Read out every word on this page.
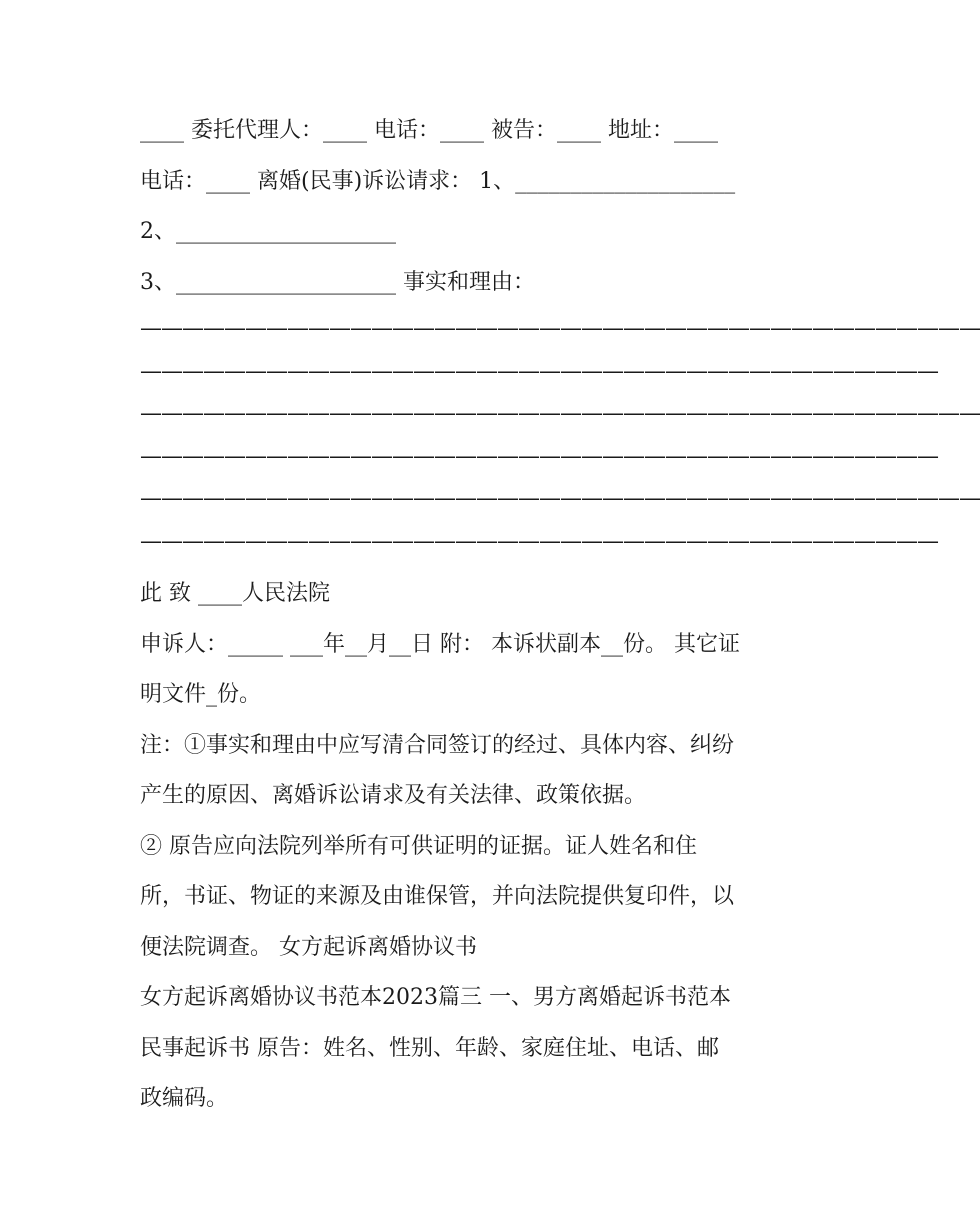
____ 委托代理人：____ 电话：____ 被告：____ 地址：____
电话：____ 离婚(民事)诉讼请求： 1、____________________
2、____________________
3、____________________ 事实和理由：
————————————————————————————————————————
——————————————————————————————————————
————————————————————————————————————————
——————————————————————————————————————
————————————————————————————————————————
——————————————————————————————————————
此 致 ____人民法院
申诉人：_____ ___年__月__日 附： 本诉状副本__份。 其它证
明文件_份。
注：①事实和理由中应写清合同签订的经过、具体内容、纠纷
产生的原因、离婚诉讼请求及有关法律、政策依据。
② 原告应向法院列举所有可供证明的证据。证人姓名和住
所，书证、物证的来源及由谁保管，并向法院提供复印件，以
便法院调查。 女方起诉离婚协议书
女方起诉离婚协议书范本2023篇三 一、男方离婚起诉书范本
民事起诉书 原告：姓名、性别、年龄、家庭住址、电话、邮
政编码。
